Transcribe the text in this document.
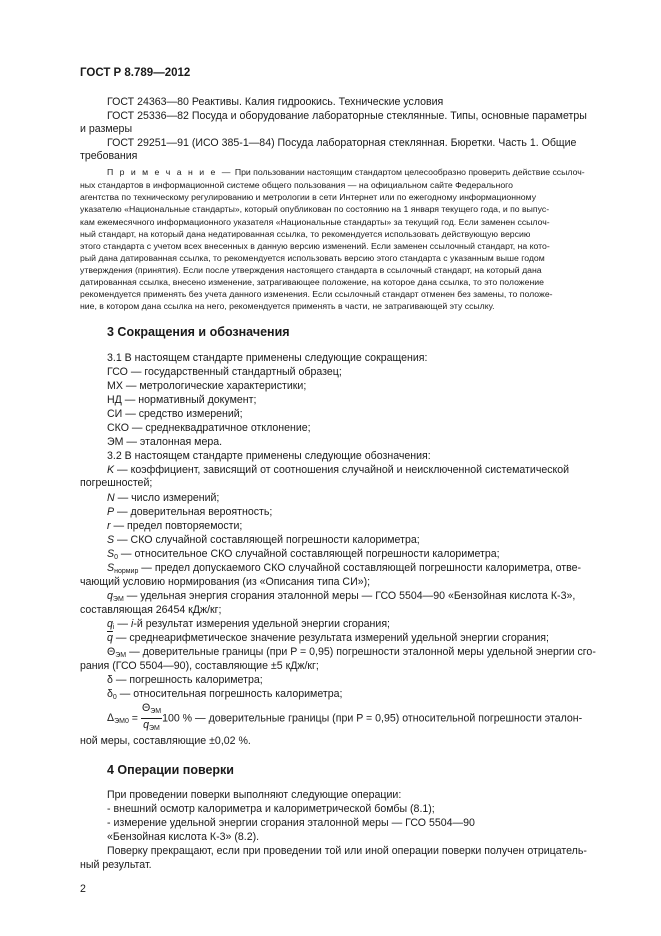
ГОСТ Р 8.789—2012
ГОСТ 24363—80 Реактивы. Калия гидроокись. Технические условия
ГОСТ 25336—82 Посуда и оборудование лабораторные стеклянные. Типы, основные параметры
и размеры
ГОСТ 29251—91 (ИСО 385-1—84) Посуда лабораторная стеклянная. Бюретки. Часть 1. Общие
требования
П р и м е ч а н и е — При пользовании настоящим стандартом целесообразно проверить действие ссылоч-
ных стандартов в информационной системе общего пользования — на официальном сайте Федерального
агентства по техническому регулированию и метрологии в сети Интернет или по ежегодному информационному
указателю «Национальные стандарты», который опубликован по состоянию на 1 января текущего года, и по выпус-
кам ежемесячного информационного указателя «Национальные стандарты» за текущий год. Если заменен ссылоч-
ный стандарт, на который дана недатированная ссылка, то рекомендуется использовать действующую версию
этого стандарта с учетом всех внесенных в данную версию изменений. Если заменен ссылочный стандарт, на кото-
рый дана датированная ссылка, то рекомендуется использовать версию этого стандарта с указанным выше годом
утверждения (принятия). Если после утверждения настоящего стандарта в ссылочный стандарт, на который дана
датированная ссылка, внесено изменение, затрагивающее положение, на которое дана ссылка, то это положение
рекомендуется применять без учета данного изменения. Если ссылочный стандарт отменен без замены, то положе-
ние, в котором дана ссылка на него, рекомендуется применять в части, не затрагивающей эту ссылку.
3 Сокращения и обозначения
3.1 В настоящем стандарте применены следующие сокращения:
ГСО — государственный стандартный образец;
МХ — метрологические характеристики;
НД — нормативный документ;
СИ — средство измерений;
СКО — среднеквадратичное отклонение;
ЭМ — эталонная мера.
3.2 В настоящем стандарте применены следующие обозначения:
K — коэффициент, зависящий от соотношения случайной и неисключенной систематической
погрешностей;
N — число измерений;
P — доверительная вероятность;
r — предел повторяемости;
S — СКО случайной составляющей погрешности калориметра;
$S_0$ — относительное СКО случайной составляющей погрешности калориметра;
$S_{нормир}$ — предел допускаемого СКО случайной составляющей погрешности калориметра, отве-
чающий условию нормирования (из «Описания типа СИ»);
$q_{ЭМ}$ — удельная энергия сгорания эталонной меры — ГСО 5504—90 «Бензойная кислота К-3»,
составляющая 26454 кДж/кг;
$q_i$ — i-й результат измерения удельной энергии сгорания;
$\overline{q}$ — среднеарифметическое значение результата измерений удельной энергии сгорания;
$\Theta_{ЭМ}$ — доверительные границы (при P = 0,95) погрешности эталонной меры удельной энергии сго-
рания (ГСО 5504—90), составляющие ±5 кДж/кг;
δ — погрешность калориметра;
$\delta_0$ — относительная погрешность калориметра;
$\Delta_{ЭМ0} = \frac{\Theta_{ЭМ}}{q_{ЭМ}} 100$ % — доверительные границы (при P = 0,95) относительной погрешности эталон-
ной меры, составляющие ±0,02 %.
4 Операции поверки
При проведении поверки выполняют следующие операции:
- внешний осмотр калориметра и калориметрической бомбы (8.1);
- измерение удельной энергии сгорания эталонной меры — ГСО 5504—90
«Бензойная кислота К-3» (8.2).
Поверку прекращают, если при проведении той или иной операции поверки получен отрицатель-
ный результат.
2
